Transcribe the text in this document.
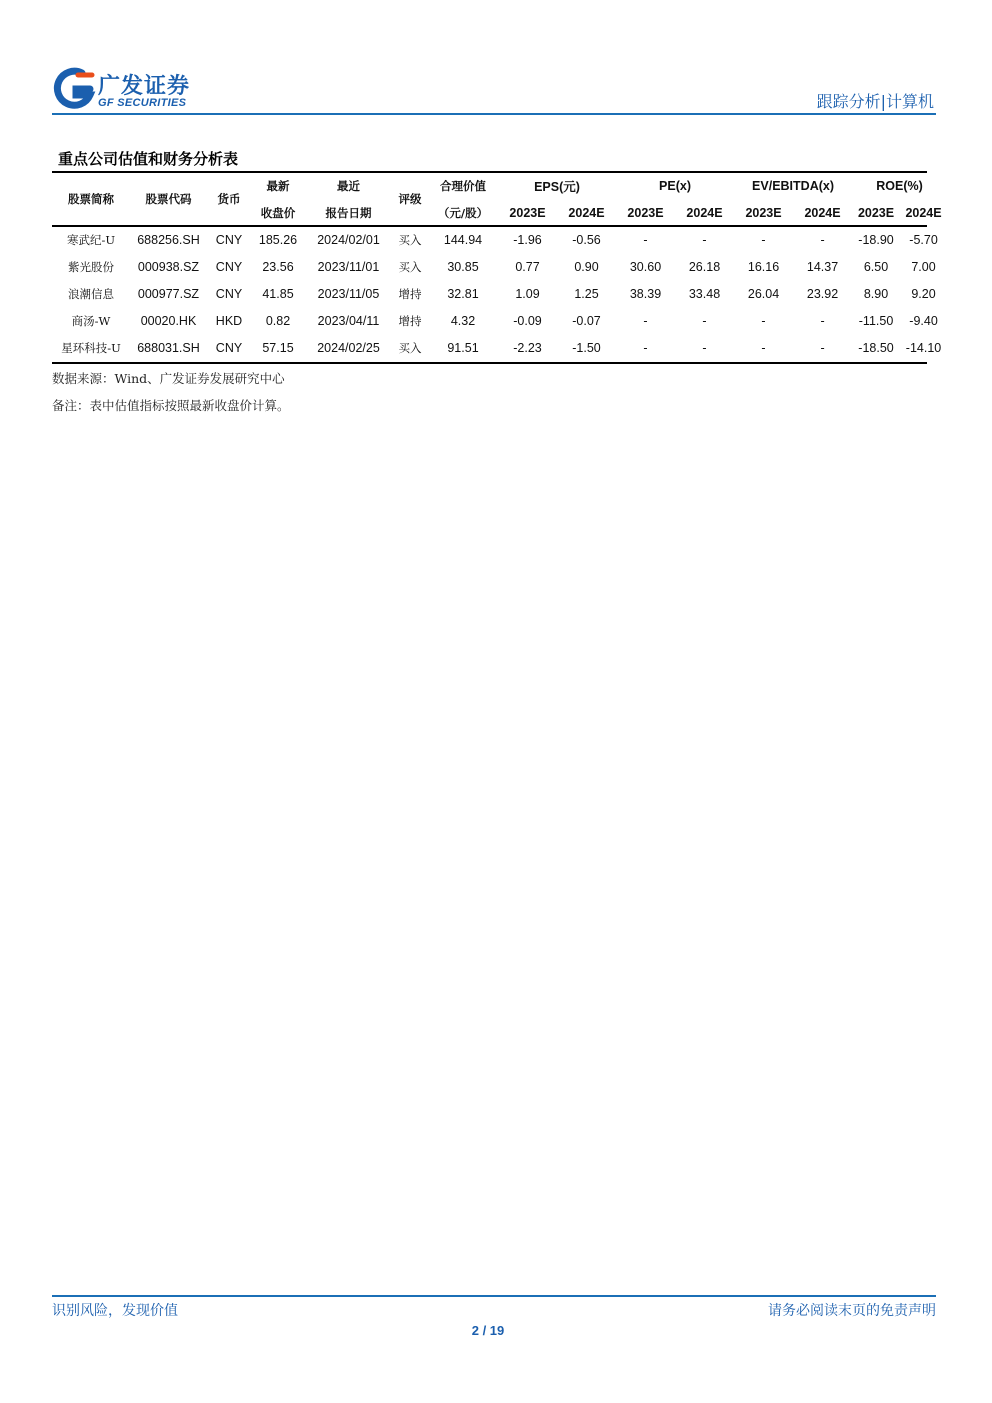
广发证券
GF SECURITIES	跟踪分析|计算机
重点公司估值和财务分析表
股票简称	股票代码	货币	最新	最近	评级	合理价值	EPS(元)		PE(x)		EV/EBITDA(x)		ROE(%)	
			收盘价	报告日期		（元/股）	2023E	2024E	2023E	2024E	2023E	2024E	2023E	2024E
寒武纪-U	688256.SH	CNY	185.26	2024/02/01	买入	144.94	-1.96	-0.56	-	-	-	-	-18.90	-5.70
紫光股份	000938.SZ	CNY	23.56	2023/11/01	买入	30.85	0.77	0.90	30.60	26.18	16.16	14.37	6.50	7.00
浪潮信息	000977.SZ	CNY	41.85	2023/11/05	增持	32.81	1.09	1.25	38.39	33.48	26.04	23.92	8.90	9.20
商汤-W	00020.HK	HKD	0.82	2023/04/11	增持	4.32	-0.09	-0.07	-	-	-	-	-11.50	-9.40
星环科技-U	688031.SH	CNY	57.15	2024/02/25	买入	91.51	-2.23	-1.50	-	-	-	-	-18.50	-14.10
数据来源：Wind、广发证券发展研究中心
备注：表中估值指标按照最新收盘价计算。
识别风险，发现价值	请务必阅读末页的免责声明
2 / 19
